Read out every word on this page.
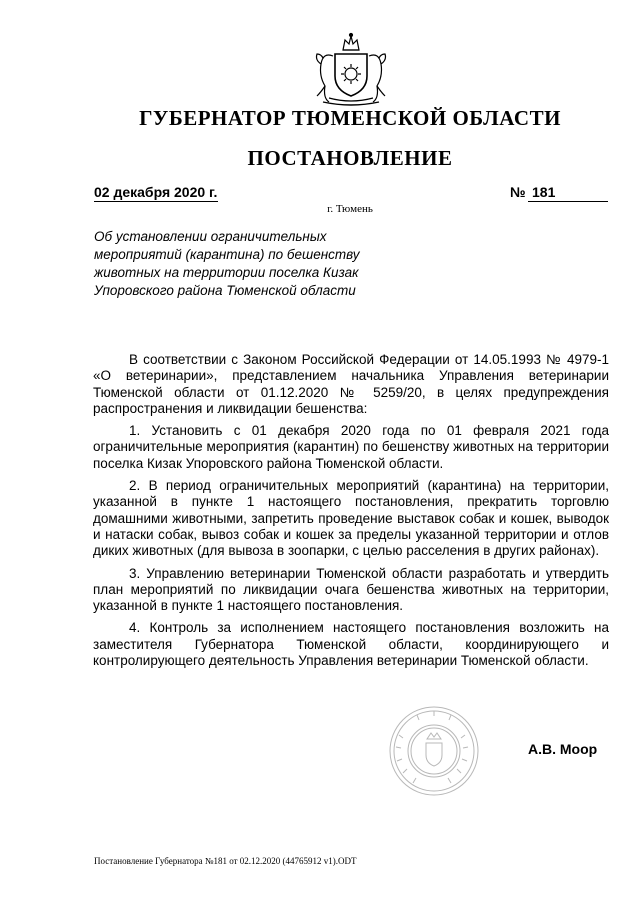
ГУБЕРНАТОР ТЮМЕНСКОЙ ОБЛАСТИ
ПОСТАНОВЛЕНИЕ
02 декабря 2020 г.	№ 181
г. Тюмень
Об установлении ограничительных мероприятий (карантина) по бешенству животных на территории поселка Кизак Упоровского района Тюменской области

В соответствии с Законом Российской Федерации от 14.05.1993 № 4979-1 «О ветеринарии», представлением начальника Управления ветеринарии Тюменской области от 01.12.2020 № 5259/20, в целях предупреждения распространения и ликвидации бешенства:

1. Установить с 01 декабря 2020 года по 01 февраля 2021 года ограничительные мероприятия (карантин) по бешенству животных на территории поселка Кизак Упоровского района Тюменской области.

2. В период ограничительных мероприятий (карантина) на территории, указанной в пункте 1 настоящего постановления, прекратить торговлю домашними животными, запретить проведение выставок собак и кошек, выводок и натаски собак, вывоз собак и кошек за пределы указанной территории и отлов диких животных (для вывоза в зоопарки, с целью расселения в других районах).

3. Управлению ветеринарии Тюменской области разработать и утвердить план мероприятий по ликвидации очага бешенства животных на территории, указанной в пункте 1 настоящего постановления.

4. Контроль за исполнением настоящего постановления возложить на заместителя Губернатора Тюменской области, координирующего и контролирующего деятельность Управления ветеринарии Тюменской области.

А.В. Моор
Постановление Губернатора №181 от 02.12.2020 (44765912 v1).ODT
